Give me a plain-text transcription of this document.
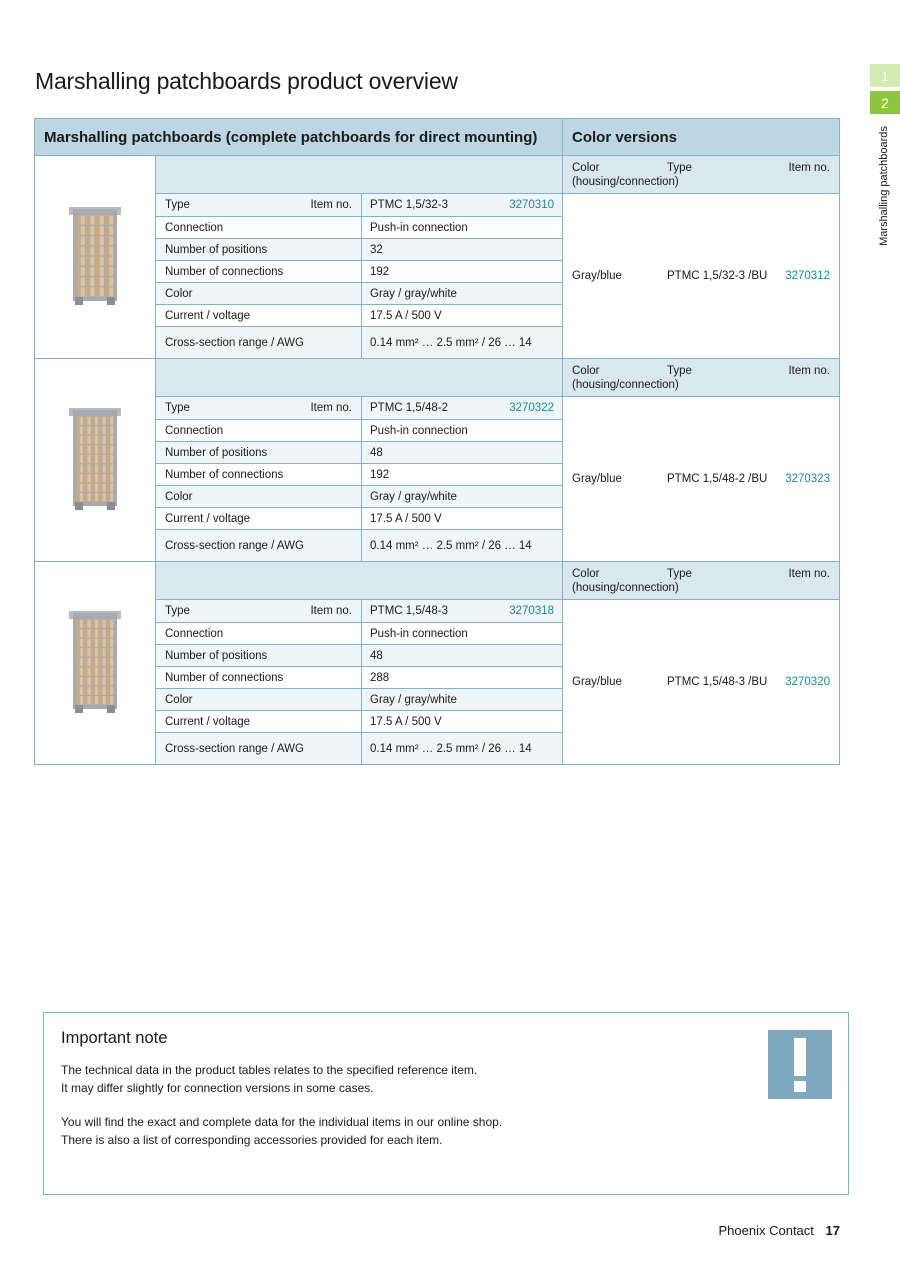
Marshalling patchboards product overview	1
2
Marshalling patchboards
Marshalling patchboards (complete patchboards for direct mounting)			Color versions

Color Type Item no.
(housing/connection)

	Type Item no.	PTMC 1,5/32-3 3270310	Gray/blue PTMC 1,5/32-3 /BU 3270312

	Connection	Push-in connection	
	Number of positions	32	
	Number of connections	192	
	Color	Gray / gray/white	
	Current / voltage	17.5 A / 500 V	
	Cross-section range / AWG	0.14 mm² … 2.5 mm² / 26 … 14	

Color Type Item no.
(housing/connection)

	Type Item no.	PTMC 1,5/48-2 3270322	Gray/blue PTMC 1,5/48-2 /BU 3270323

	Connection	Push-in connection	
	Number of positions	48	
	Number of connections	192	
	Color	Gray / gray/white	
	Current / voltage	17.5 A / 500 V	
	Cross-section range / AWG	0.14 mm² … 2.5 mm² / 26 … 14	

Color Type Item no.
(housing/connection)

	Type Item no.	PTMC 1,5/48-3 3270318	Gray/blue PTMC 1,5/48-3 /BU 3270320

	Connection	Push-in connection	
	Number of positions	48	
	Number of connections	288	
	Color	Gray / gray/white	
	Current / voltage	17.5 A / 500 V	
	Cross-section range / AWG	0.14 mm² … 2.5 mm² / 26 … 14	
Important note
The technical data in the product tables relates to the specified reference item.
It may differ slightly for connection versions in some cases.
You will find the exact and complete data for the individual items in our online shop.
There is also a list of corresponding accessories provided for each item.
Phoenix Contact 17
